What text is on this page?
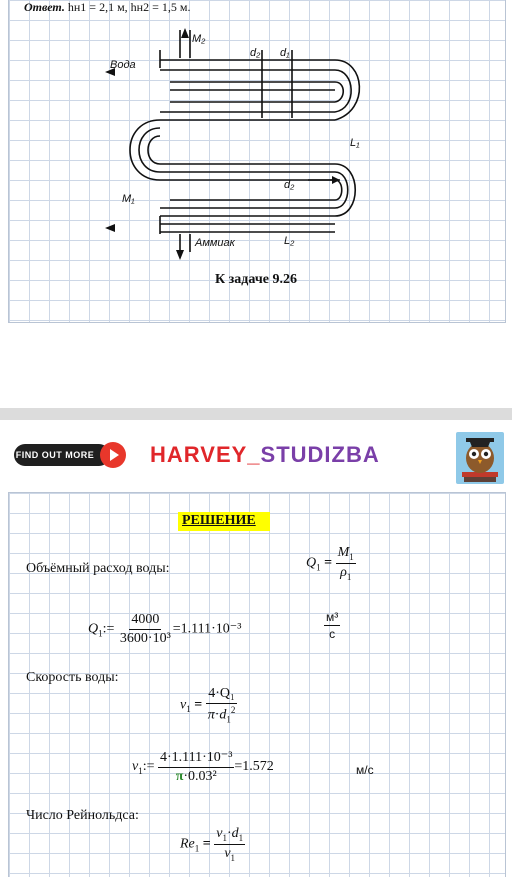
Ответ. hн1 = 2,1 м, hн2 = 1,5 м.
M₂
d₂ d₁
Вода
L₁
d₂
M₁
Аммиак	L₂
К задаче 9.26
FIND OUT MORE	HARVEY_STUDIZBA
РЕШЕНИЕ
Объёмный расход воды:	$Q_1 = \frac{M_1}{\rho_1}$
$Q_1:= \frac{4000}{\text{3600·10³}} =1.111\cdot 10^{-3}$	$\frac{\text{м³}}{с}$
Скорость воды:
$v_1 = \frac{\text{4·Q₁}}{\pi\cdot d_1^2}$
$v_1:= \frac{\text{4·1.111·10⁻³}}{\text{π·0.03²}} =1.572$	м/с
Число Рейнольдса:
$Re_1 = \frac{v_1\cdot d_1}{\nu_1}$
